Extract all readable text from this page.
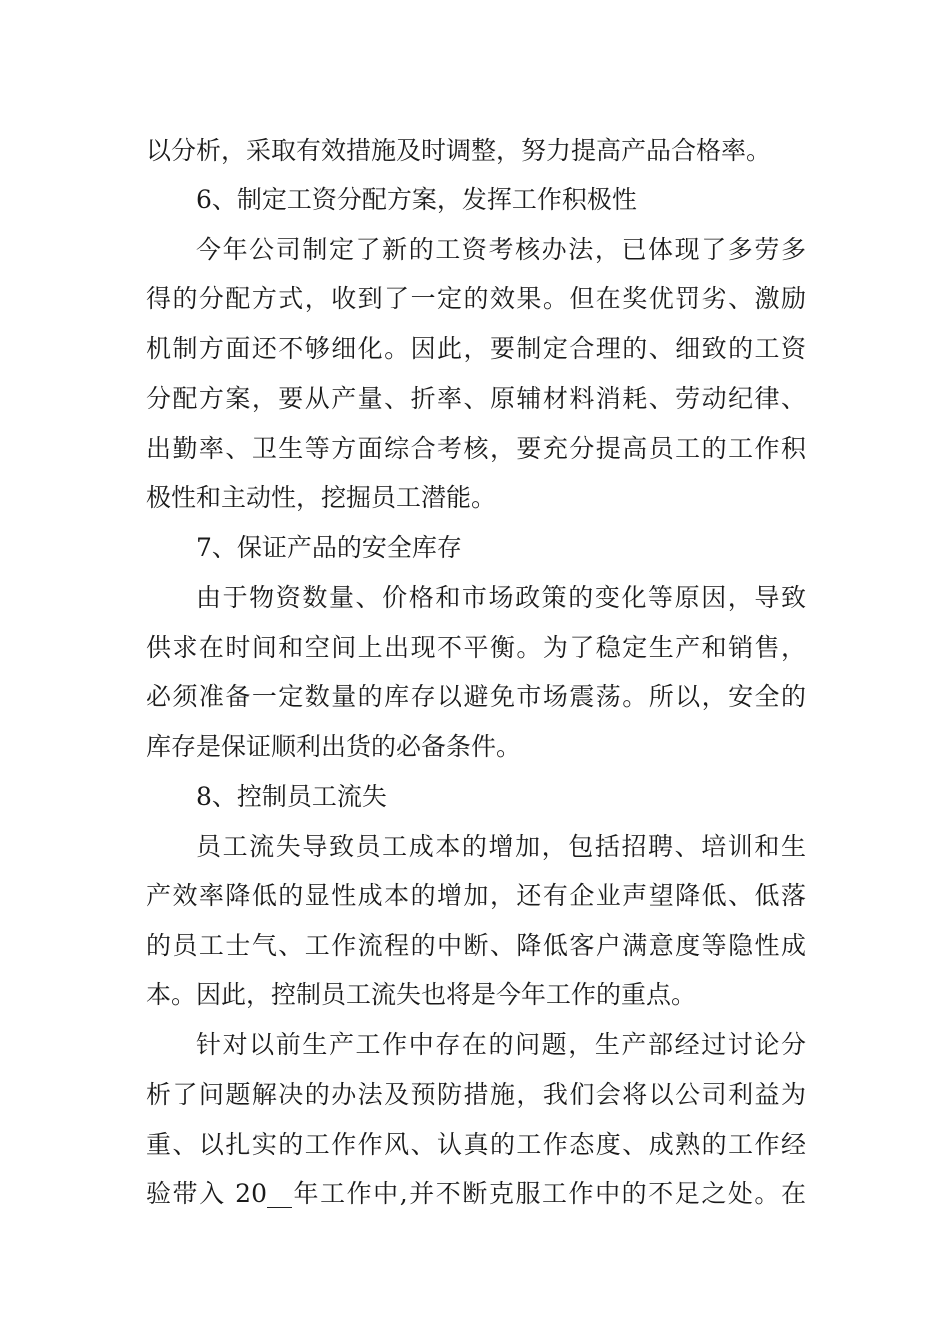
以分析，采取有效措施及时调整，努力提高产品合格率。
6、制定工资分配方案，发挥工作积极性
今年公司制定了新的工资考核办法，已体现了多劳多
得的分配方式，收到了一定的效果。但在奖优罚劣、激励
机制方面还不够细化。因此，要制定合理的、细致的工资
分配方案，要从产量、折率、原辅材料消耗、劳动纪律、
出勤率、卫生等方面综合考核，要充分提高员工的工作积
极性和主动性，挖掘员工潜能。
7、保证产品的安全库存
由于物资数量、价格和市场政策的变化等原因，导致
供求在时间和空间上出现不平衡。为了稳定生产和销售，
必须准备一定数量的库存以避免市场震荡。所以，安全的
库存是保证顺利出货的必备条件。
8、控制员工流失
员工流失导致员工成本的增加，包括招聘、培训和生
产效率降低的显性成本的增加，还有企业声望降低、低落
的员工士气、工作流程的中断、降低客户满意度等隐性成
本。因此，控制员工流失也将是今年工作的重点。
针对以前生产工作中存在的问题，生产部经过讨论分
析了问题解决的办法及预防措施，我们会将以公司利益为
重、以扎实的工作作风、认真的工作态度、成熟的工作经
验带入 20__年工作中,并不断克服工作中的不足之处。在
